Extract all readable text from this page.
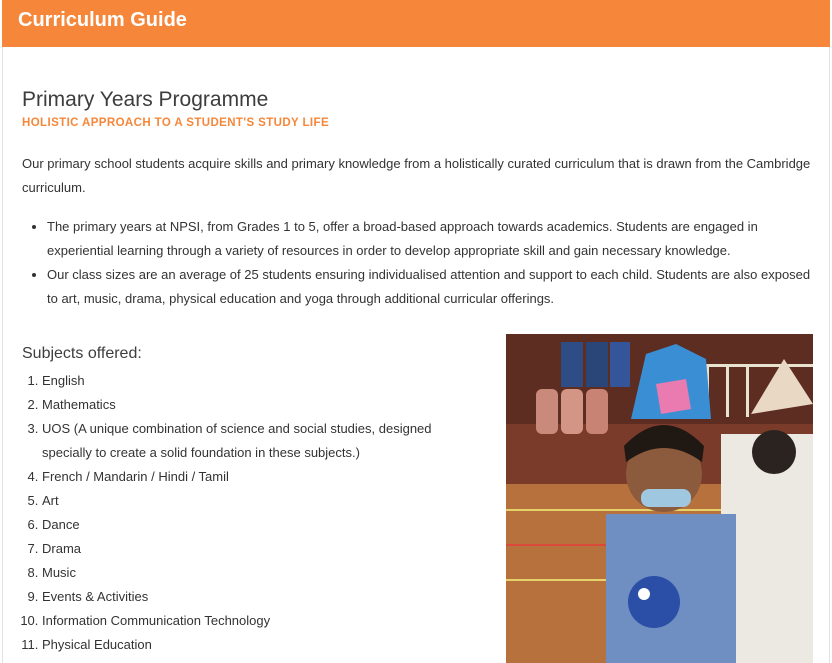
Curriculum Guide
Primary Years Programme
HOLISTIC APPROACH TO A STUDENT'S STUDY LIFE
Our primary school students acquire skills and primary knowledge from a holistically curated curriculum that is drawn from the Cambridge curriculum.
• The primary years at NPSI, from Grades 1 to 5, offer a broad-based approach towards academics. Students are engaged in experiential learning through a variety of resources in order to develop appropriate skill and gain necessary knowledge.
• Our class sizes are an average of 25 students ensuring individualised attention and support to each child. Students are also exposed to art, music, drama, physical education and yoga through additional curricular offerings.
Subjects offered:
1. English
2. Mathematics
3. UOS (A unique combination of science and social studies, designed specially to create a solid foundation in these subjects.)
4. French / Mandarin / Hindi / Tamil
5. Art
6. Dance
7. Drama
8. Music
9. Events & Activities
10. Information Communication Technology
11. Physical Education
